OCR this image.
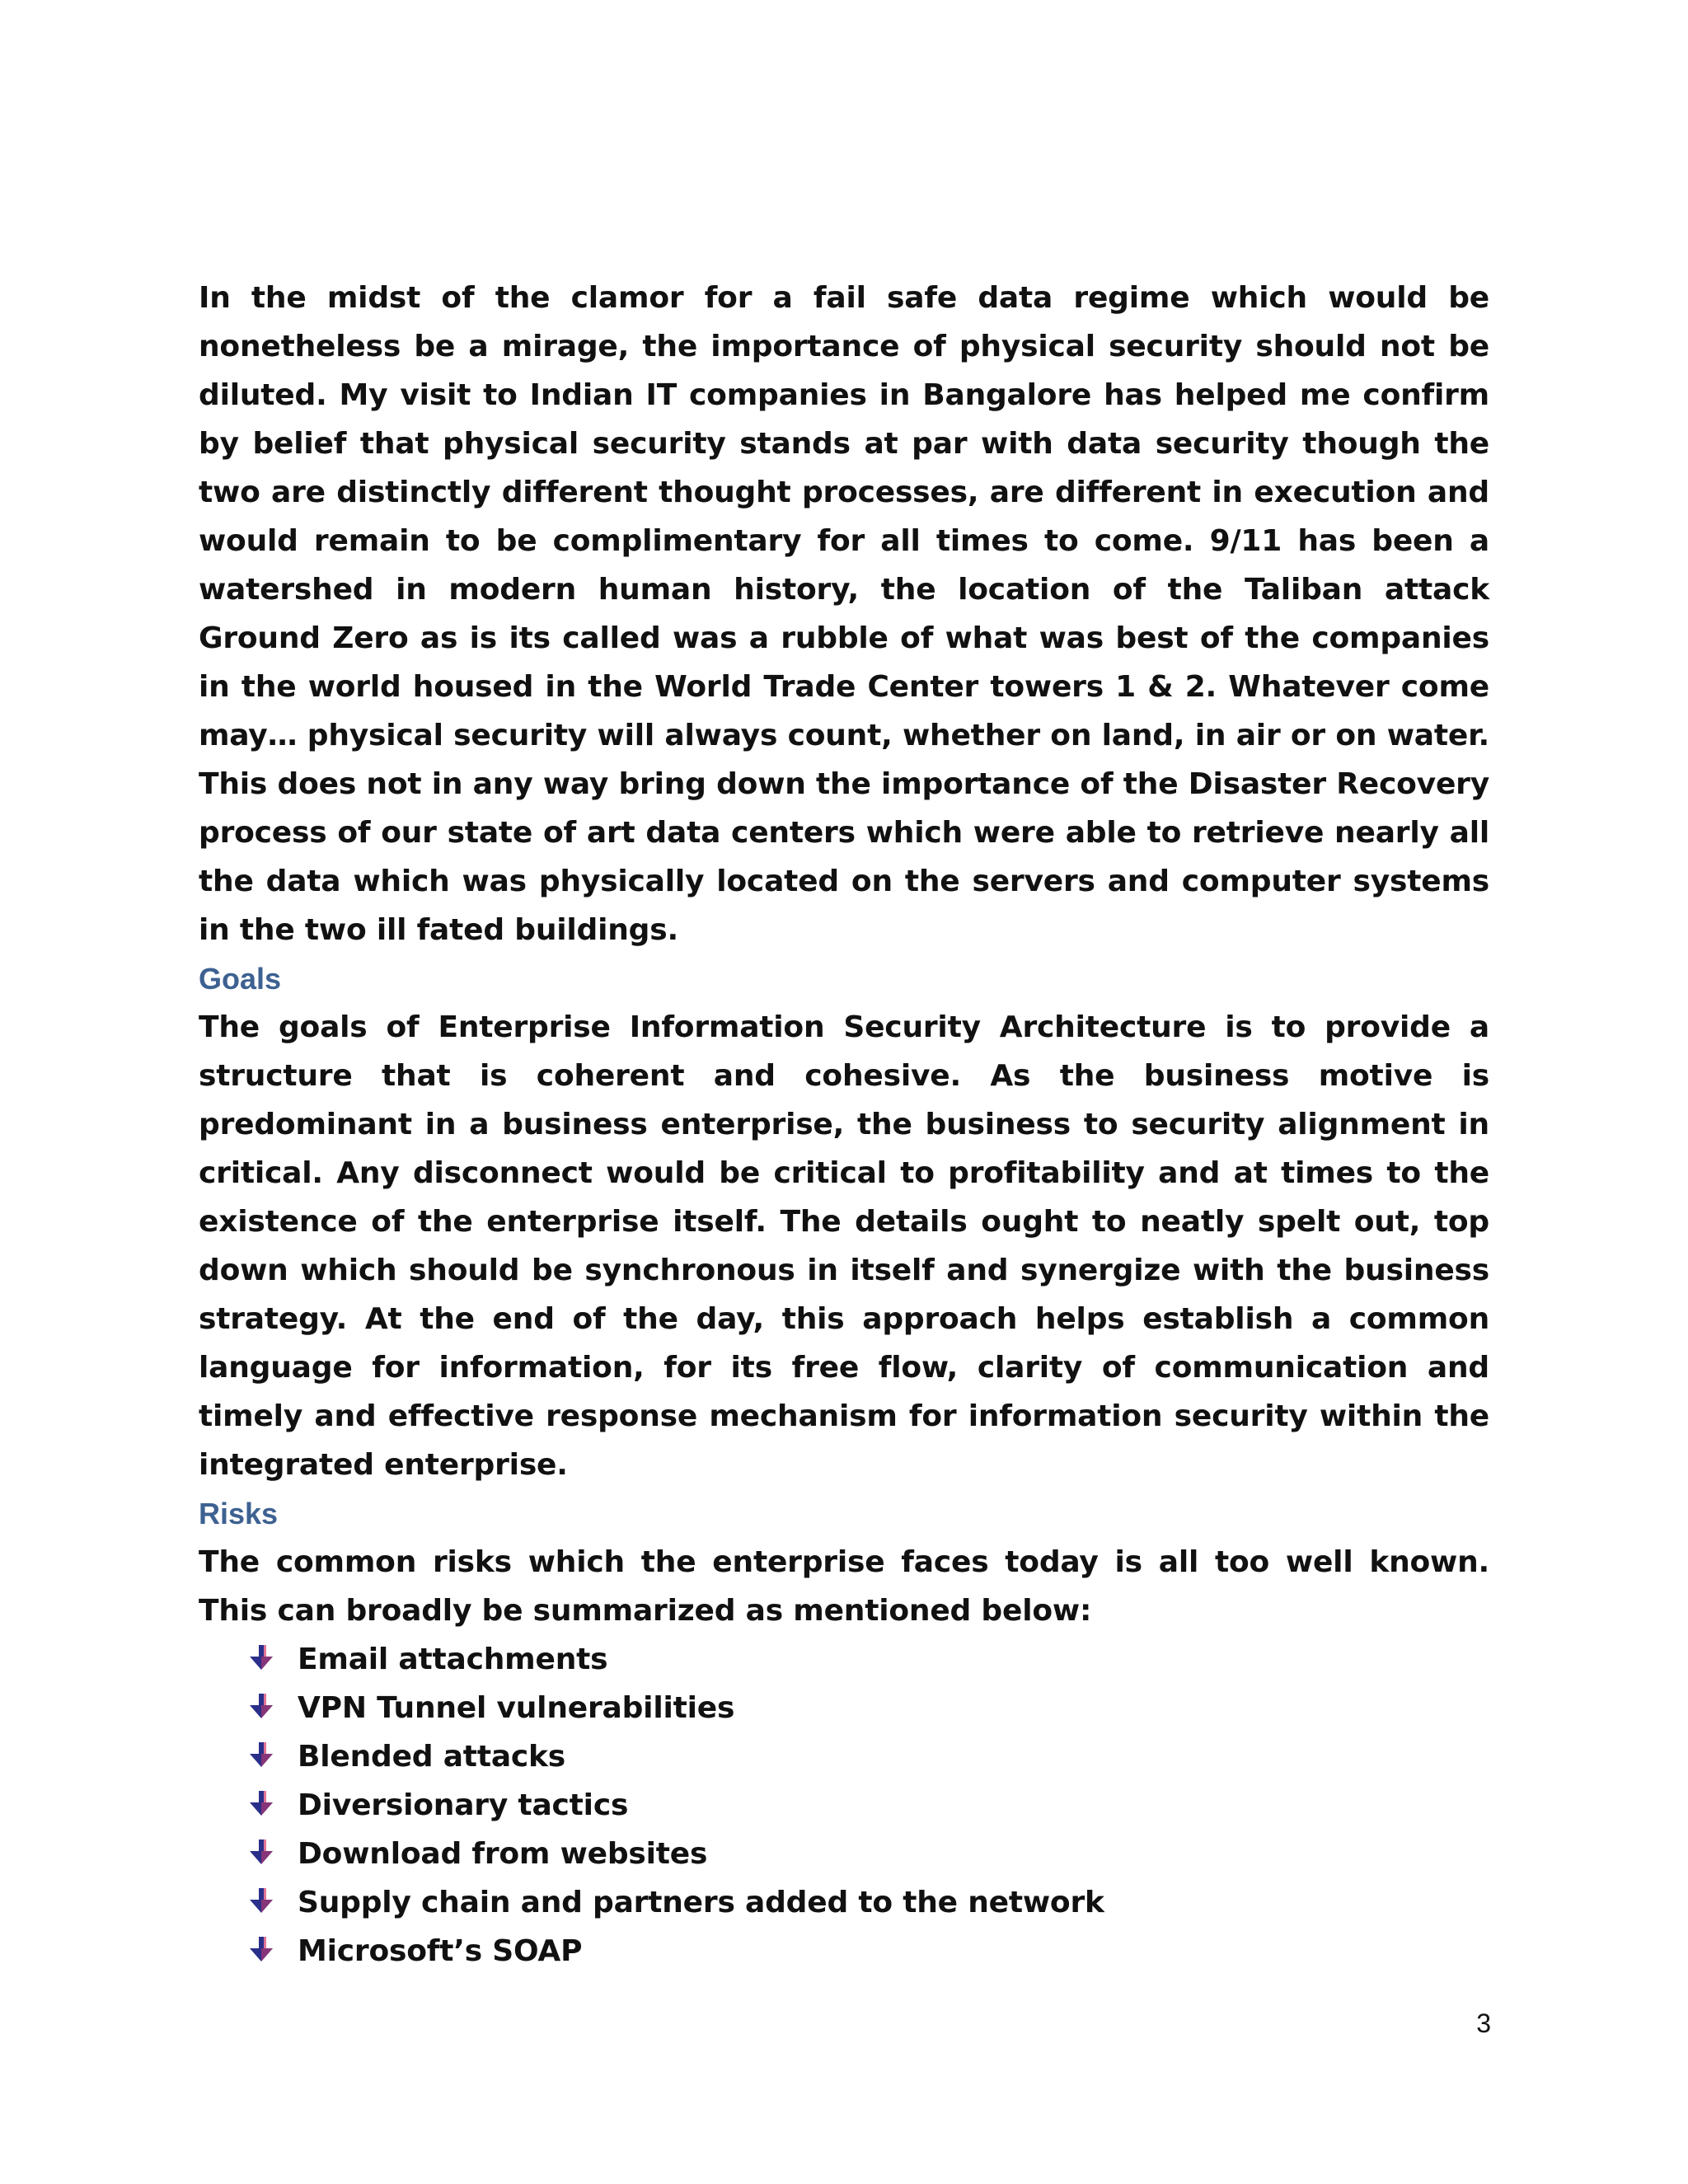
In the midst of the clamor for a fail safe data regime which would be nonetheless be a mirage, the importance of physical security should not be diluted. My visit to Indian IT companies in Bangalore has helped me confirm by belief that physical security stands at par with data security though the two are distinctly different thought processes, are different in execution and would remain to be complimentary for all times to come. 9/11 has been a watershed in modern human history, the location of the Taliban attack Ground Zero as is its called was a rubble of what was best of the companies in the world housed in the World Trade Center towers 1 & 2. Whatever come may… physical security will always count, whether on land, in air or on water. This does not in any way bring down the importance of the Disaster Recovery process of our state of art data centers which were able to retrieve nearly all the data which was physically located on the servers and computer systems in the two ill fated buildings.

Goals

The goals of Enterprise Information Security Architecture is to provide a structure that is coherent and cohesive. As the business motive is predominant in a business enterprise, the business to security alignment in critical. Any disconnect would be critical to profitability and at times to the existence of the enterprise itself. The details ought to neatly spelt out, top down which should be synchronous in itself and synergize with the business strategy. At the end of the day, this approach helps establish a common language for information, for its free flow, clarity of communication and timely and effective response mechanism for information security within the integrated enterprise.

Risks

The common risks which the enterprise faces today is all too well known. This can broadly be summarized as mentioned below:

Email attachments
VPN Tunnel vulnerabilities
Blended attacks
Diversionary tactics
Download from websites
Supply chain and partners added to the network
Microsoft’s SOAP
3
